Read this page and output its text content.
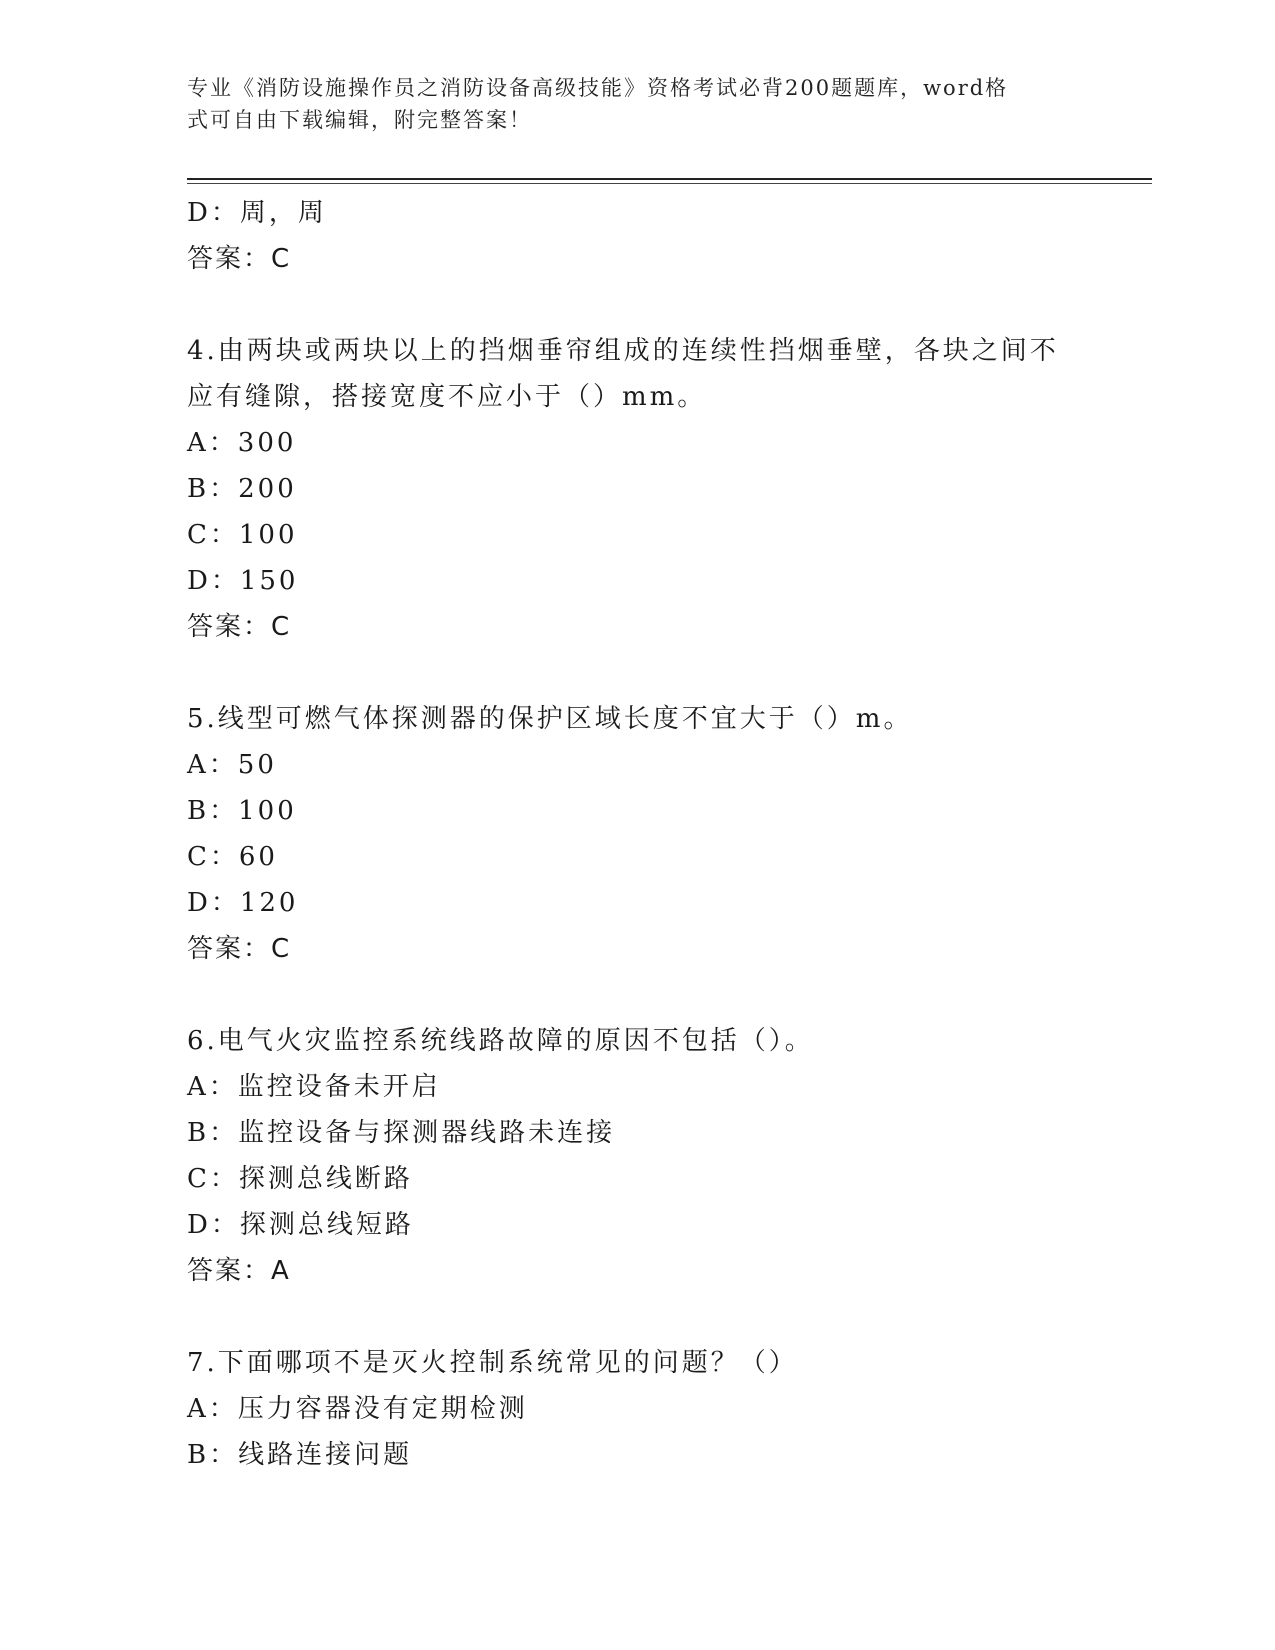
专业《消防设施操作员之消防设备高级技能》资格考试必背200题题库，word格
式可自由下载编辑，附完整答案！
D：周，周
答案：C
4.由两块或两块以上的挡烟垂帘组成的连续性挡烟垂壁，各块之间不
应有缝隙，搭接宽度不应小于（）mm。
A：300
B：200
C：100
D：150
答案：C
5.线型可燃气体探测器的保护区域长度不宜大于（）m。
A：50
B：100
C：60
D：120
答案：C
6.电气火灾监控系统线路故障的原因不包括（）。
A：监控设备未开启
B：监控设备与探测器线路未连接
C：探测总线断路
D：探测总线短路
答案：A
7.下面哪项不是灭火控制系统常见的问题？（）
A：压力容器没有定期检测
B：线路连接问题
